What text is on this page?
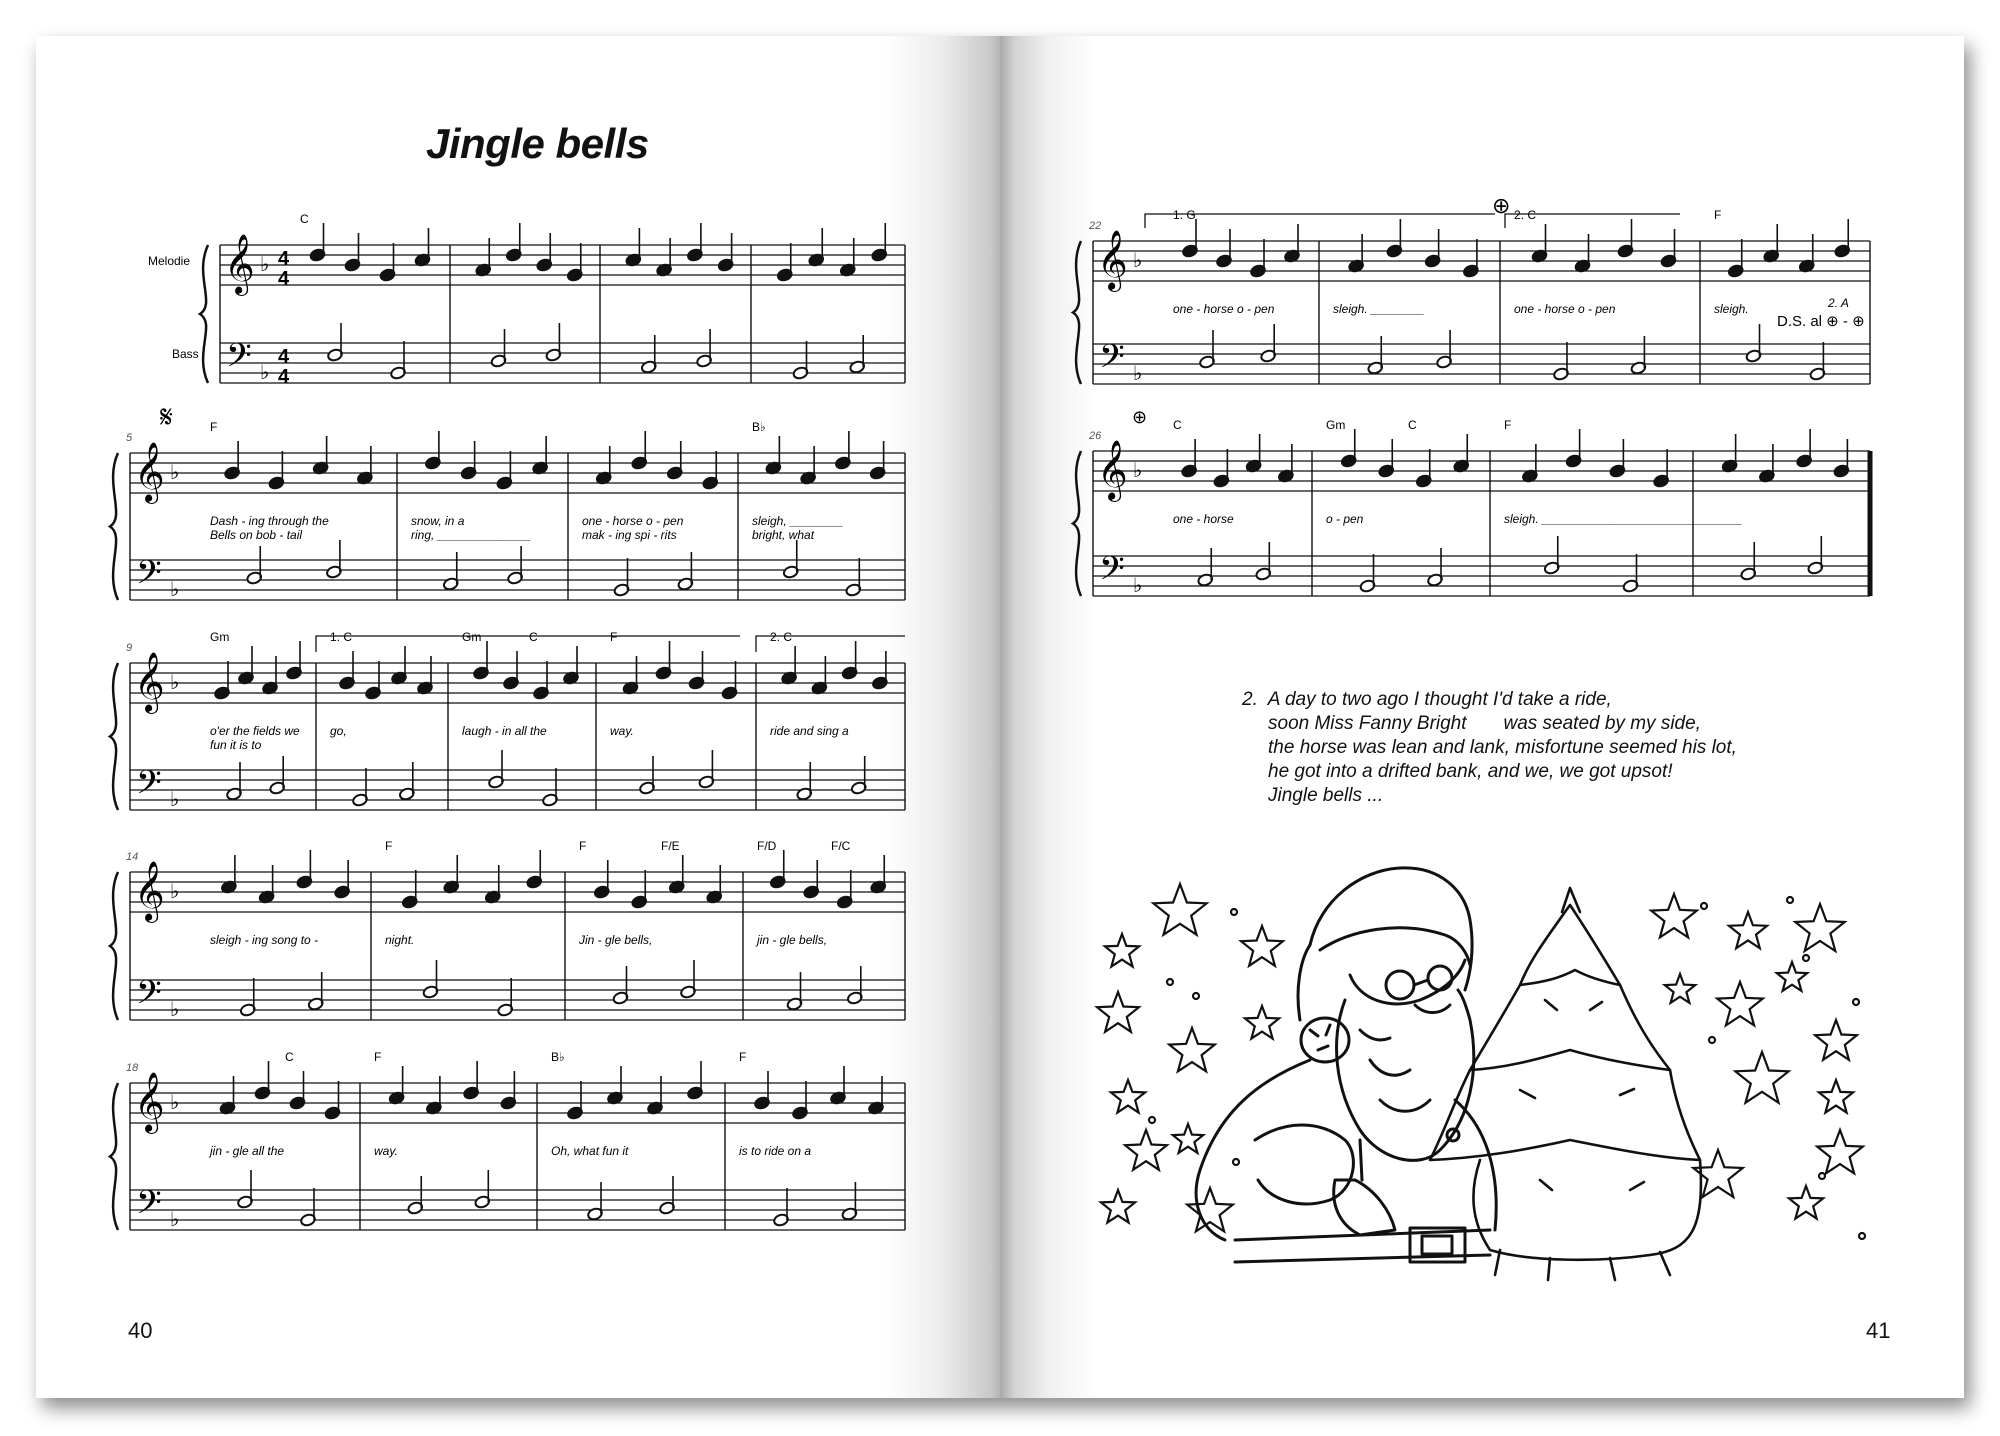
Jingle bells
40	41
2. A day to two ago I thought I'd take a ride,
soon Miss Fanny Bright       was seated by my side,
the horse was lean and lank, misfortune seemed his lot,
he got into a drifted bank, and we, we got upsot!
Jingle bells ...
𝄞
𝄢
♭
♭
4
4
4
4
Melodie
Bass
C
𝄞
𝄢
♭
♭
5
F	B♭
Dash - ing through the
Bells on bob - tail
snow, in a
ring, ______________
one - horse o - pen
mak - ing spi - rits
sleigh, ________
bright, what
𝄞
𝄢
♭
♭
9
Gm	1. C	Gm	C	F	2. C
o'er the fields we
fun it is to
go,	laugh - in all the	way.	ride and sing a
𝄞
𝄢
♭
♭
14
F	F	F/E	F/D	F/C
sleigh - ing song to -	night.	Jin - gle bells,	jin - gle bells,
𝄞
𝄢
♭
♭
18
C	F	B♭	F
jin - gle all the	way.	Oh, what fun it	is to ride on a
𝄞
𝄢
♭
♭
22
1. G	2. C	F
one - horse o - pen	sleigh. ________	one - horse o - pen	sleigh.
𝄞
𝄢
♭
♭
26
C	Gm	C	F
one - horse	o - pen	sleigh. ______________________________
𝄋
⊕
⊕
2. A
D.S. al ⊕ - ⊕
